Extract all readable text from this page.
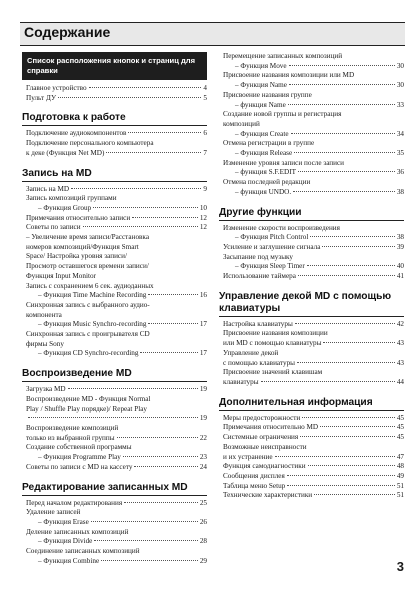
Содержание
Список расположения кнопок и страниц для справки
Главное устройство	4
Пульт ДУ	5
Подготовка к работе
Подключение аудиокомпонентов	6
Подключение персонального компьютера
к деке (Функция Net MD)	7
Запись на MD
Запись на MD	9
Запись композиций группами
– Функция Group	10
Примечания относительно записи	12
Советы по записи	12
– Увеличение время записи/Расстановка
номеров композиций/Функция Smart
Space/ Настройка уровня записи/
Просмотр оставшегося времени записи/
Функция Input Monitor
Запись с сохранением 6 сек. аудиоданных
– Функция Time Machine Recording	16
Синхронная запись с выбранного аудио-
компонента
– Функция Music Synchro-recording	17
Синхронная запись с проигрывателя CD
фирмы Sony
– Функция CD Synchro-recording	17
Воспроизведение MD
Загрузка MD	19
Воспроизведение MD - Функция Normal
Play / Shuffle Play порядке)/ Repeat Play
19
Воспроизведение композиций
только из выбранной группы	22
Создание собственной программы
– Функция Programme Play	23
Советы по записи с MD на кассету	24
Редактирование записанных MD
Перед началом редактирования	25
Удаление записей
– Функция Erase	26
Деление записанных композиций
– Функция Divide	28
Соединение записанных композиций
– Функция Combine	29
Перемещение записанных композиций
– Функция Move	30
Присвоение названия композиции или MD
– Функция Name	30
Присвоение названия группе
– функция Name	33
Создание новой группы и регистрация
композиций
– Функция Create	34
Отмена регистрации в группе
– Функция Release	35
Изменение уровня записи после записи
– функция S.F.EDIT	36
Отмена последней редакции
– функция UNDO.	38
Другие функции
Изменение скорости воспроизведения
– Функция Pitch Control	38
Усиление и заглушение сигнала	39
Засыпание под музыку
– Функция Sleep Timer	40
Использование таймера	41
Управление декой MD с помощью клавиатуры
Настройка клавиатуры	42
Присвоение названия композиции
или MD с помощью клавиатуры	43
Управление декой
с помощью клавиатуры	43
Присвоение значений клавишам
клавиатуры	44
Дополнительная информация
Меры предосторожности	45
Примечания относительно MD	45
Системные ограничения	45
Возможные неисправности
и их устранение	47
Функция самодиагностики	48
Сообщения дисплея	49
Таблица меню Setup	51
Технические характеристики	51
3
